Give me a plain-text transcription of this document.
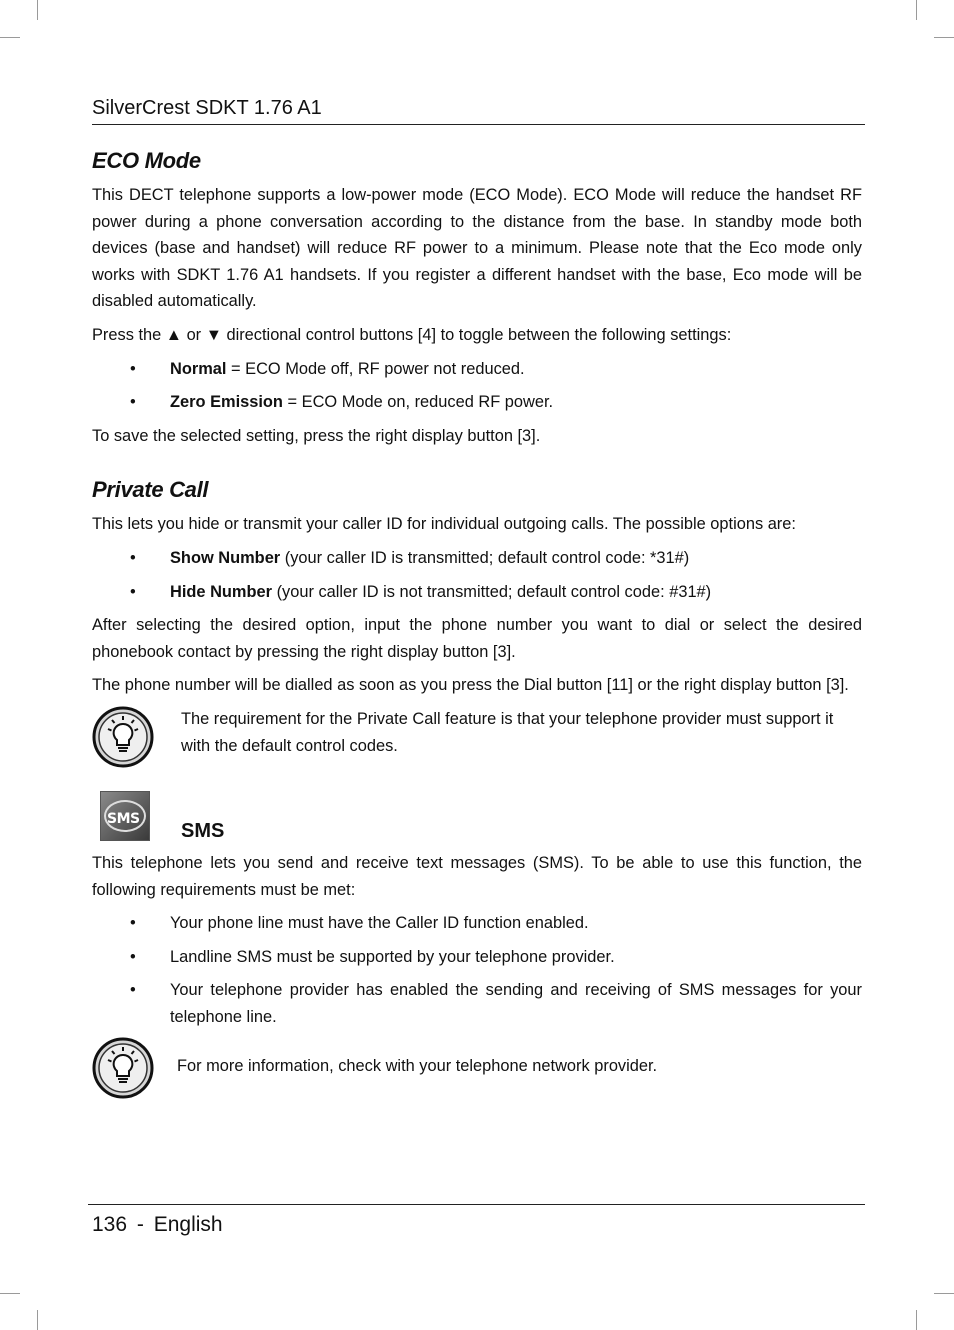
SilverCrest SDKT 1.76 A1
ECO Mode

This DECT telephone supports a low-power mode (ECO Mode). ECO Mode will reduce the handset RF power during a phone conversation according to the distance from the base. In standby mode both devices (base and handset) will reduce RF power to a minimum. Please note that the Eco mode only works with SDKT 1.76 A1 handsets. If you register a different handset with the base, Eco mode will be disabled automatically.

Press the ▲ or ▼ directional control buttons [4] to toggle between the following settings:

• Normal = ECO Mode off, RF power not reduced.
• Zero Emission = ECO Mode on, reduced RF power.

To save the selected setting, press the right display button [3].

Private Call

This lets you hide or transmit your caller ID for individual outgoing calls. The possible options are:

• Show Number (your caller ID is transmitted; default control code: *31#)
• Hide Number (your caller ID is not transmitted; default control code: #31#)

After selecting the desired option, input the phone number you want to dial or select the desired phonebook contact by pressing the right display button [3].

The phone number will be dialled as soon as you press the Dial button [11] or the right display button [3].

The requirement for the Private Call feature is that your telephone provider must support it with the default control codes.
SMS
SMS

This telephone lets you send and receive text messages (SMS). To be able to use this function, the following requirements must be met:

• Your phone line must have the Caller ID function enabled.
• Landline SMS must be supported by your telephone provider.
• Your telephone provider has enabled the sending and receiving of SMS messages for your telephone line.
For more information, check with your telephone network provider.
136 - English
